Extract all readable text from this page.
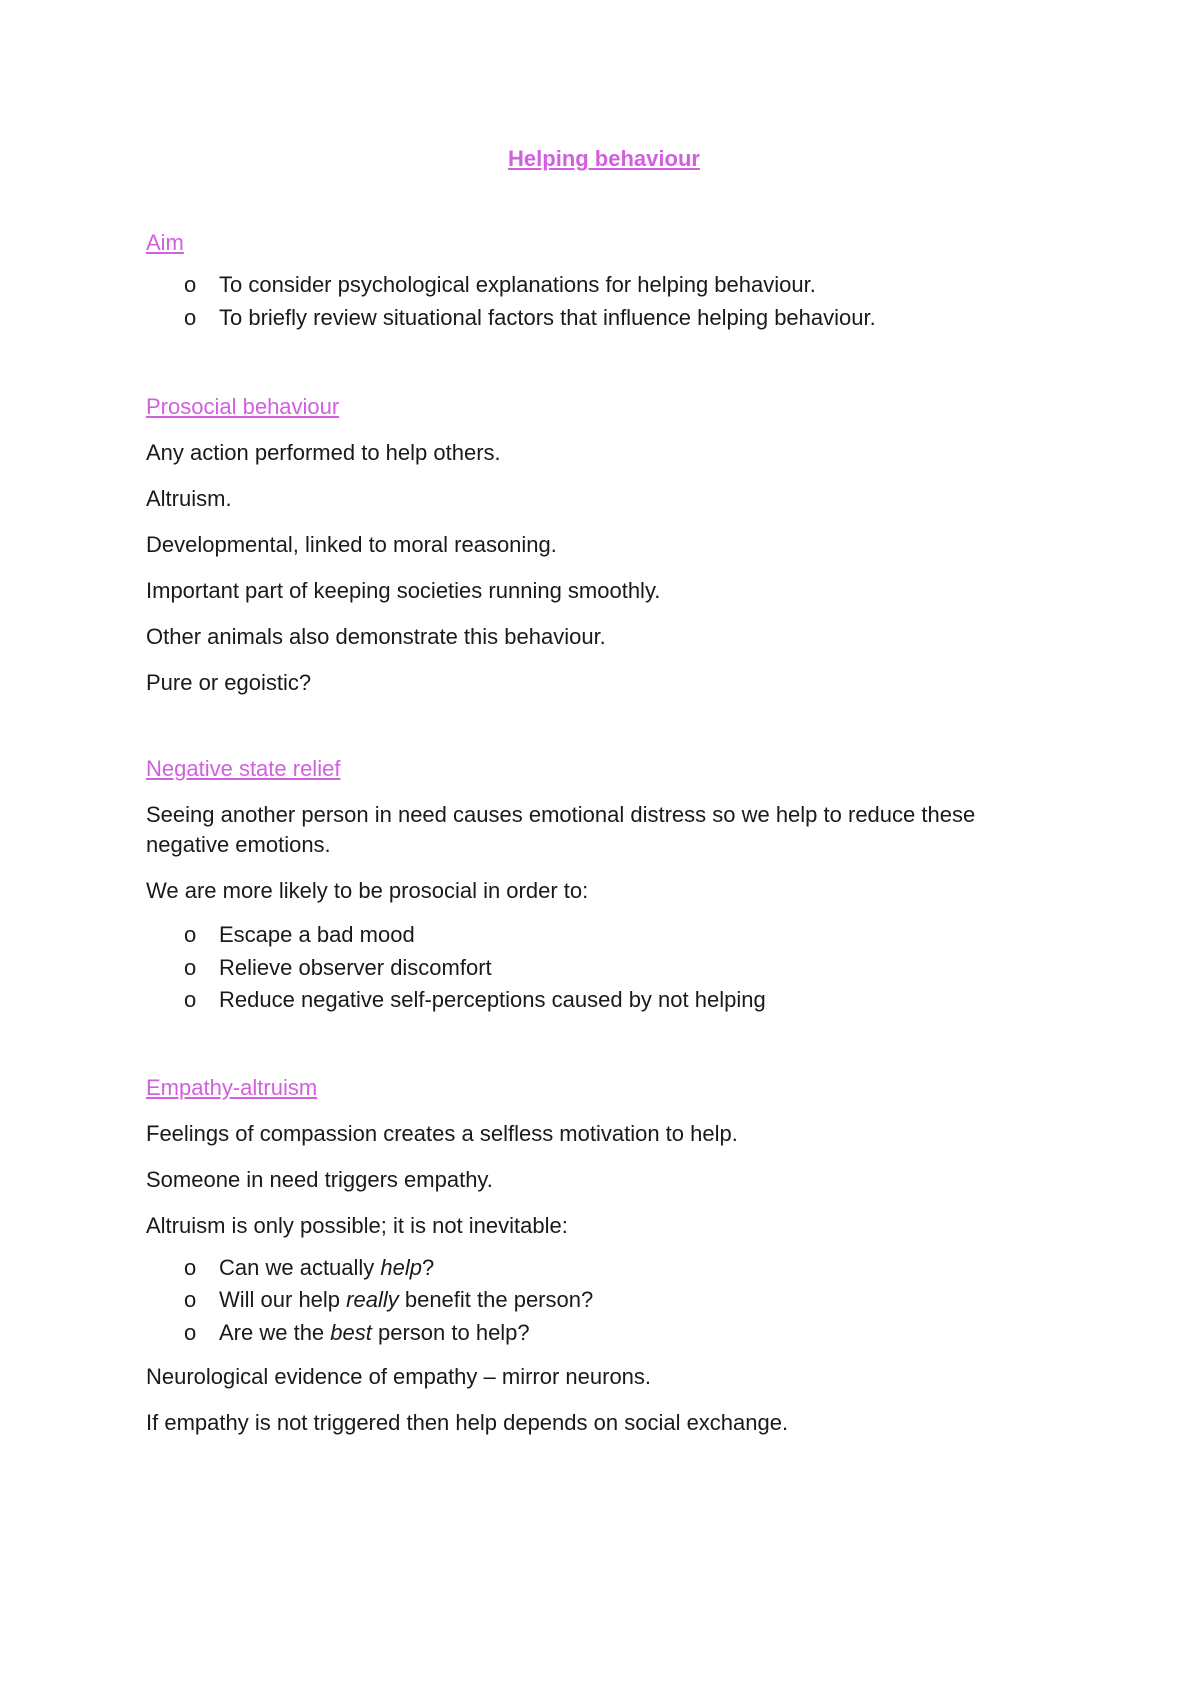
Helping behaviour
Aim
o To consider psychological explanations for helping behaviour.
o To briefly review situational factors that influence helping behaviour.
Prosocial behaviour

Any action performed to help others.

Altruism.

Developmental, linked to moral reasoning.

Important part of keeping societies running smoothly.

Other animals also demonstrate this behaviour.

Pure or egoistic?

Negative state relief

Seeing another person in need causes emotional distress so we help to reduce these negative emotions.

We are more likely to be prosocial in order to:

o Escape a bad mood
o Relieve observer discomfort
o Reduce negative self-perceptions caused by not helping
Empathy-altruism

Feelings of compassion creates a selfless motivation to help.

Someone in need triggers empathy.

Altruism is only possible; it is not inevitable:

o Can we actually help?
o Will our help really benefit the person?
o Are we the best person to help?

Neurological evidence of empathy – mirror neurons.

If empathy is not triggered then help depends on social exchange.
